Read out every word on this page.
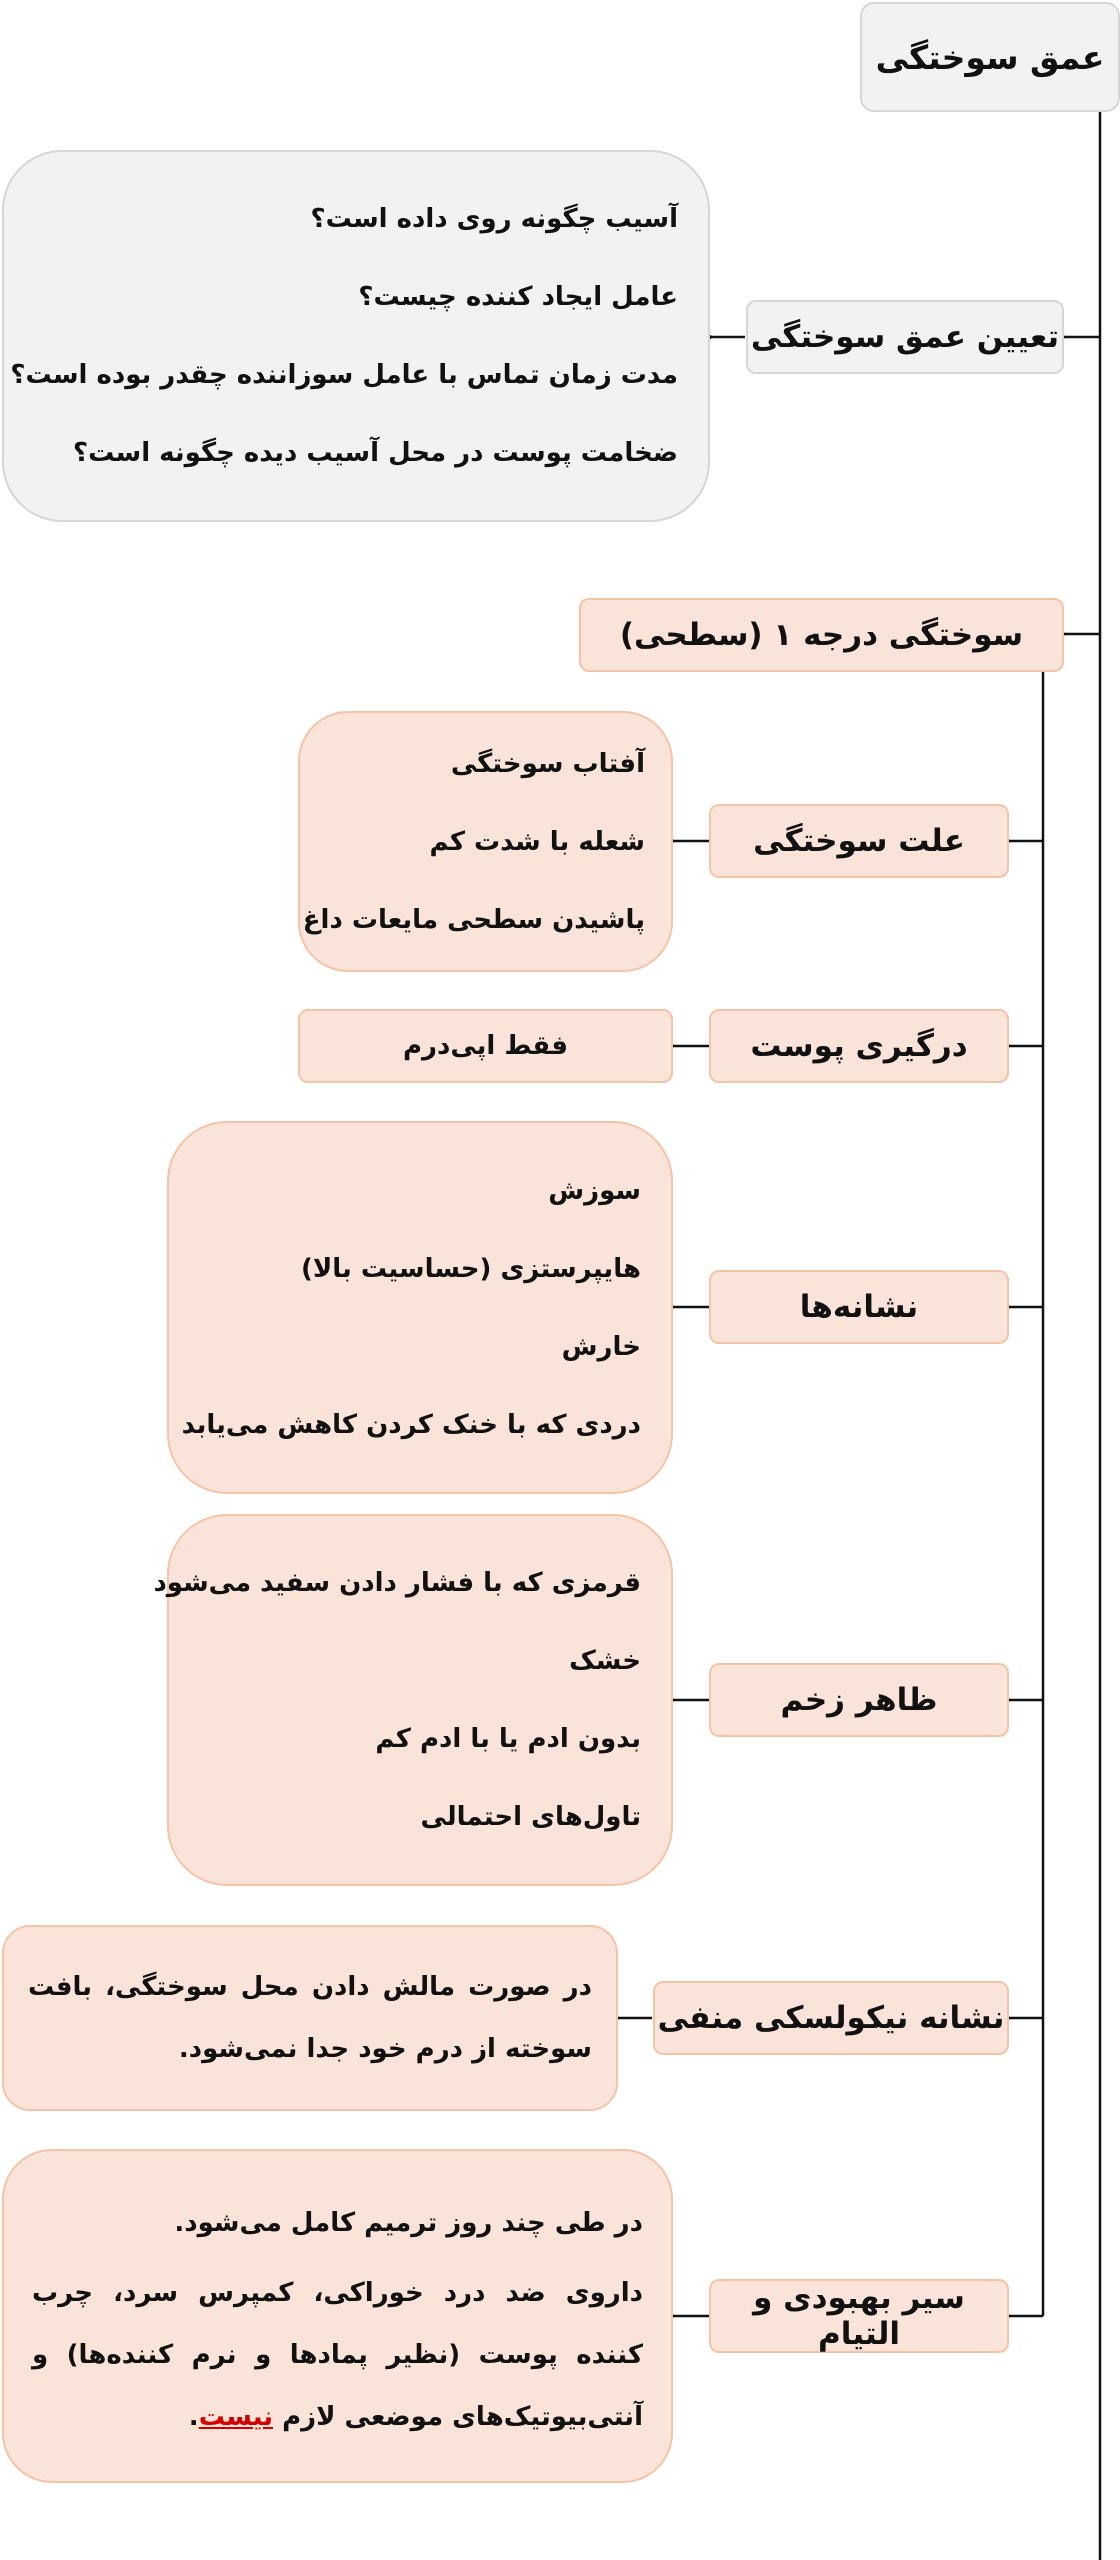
عمق سوختگی
تعیین عمق سوختگی

آسیب چگونه روی داده است؟

عامل ایجاد کننده چیست؟

مدت زمان تماس با عامل سوزاننده چقدر بوده است؟

ضخامت پوست در محل آسیب دیده چگونه است؟

سوختگی درجه ۱ (سطحی)
علت سوختگی

آفتاب سوختگی

شعله با شدت کم

پاشیدن سطحی مایعات داغ

درگیری پوست
فقط اپی‌درم
نشانه‌ها

سوزش

هایپرستزی (حساسیت بالا)

خارش

دردی که با خنک کردن کاهش می‌یابد

ظاهر زخم

قرمزی که با فشار دادن سفید می‌شود

خشک

بدون ادم یا با ادم کم

تاول‌های احتمالی

نشانه نیکولسکی منفی

در صورت مالش دادن محل سوختگی، بافت سوخته از درم خود جدا نمی‌شود.

سیر بهبودی و التیام

در طی چند روز ترمیم کامل می‌شود.

داروی ضد درد خوراکی، کمپرس سرد، چرب کننده پوست (نظیر پمادها و نرم کننده‌ها) و آنتی‌بیوتیک‌های موضعی لازم نیست.
